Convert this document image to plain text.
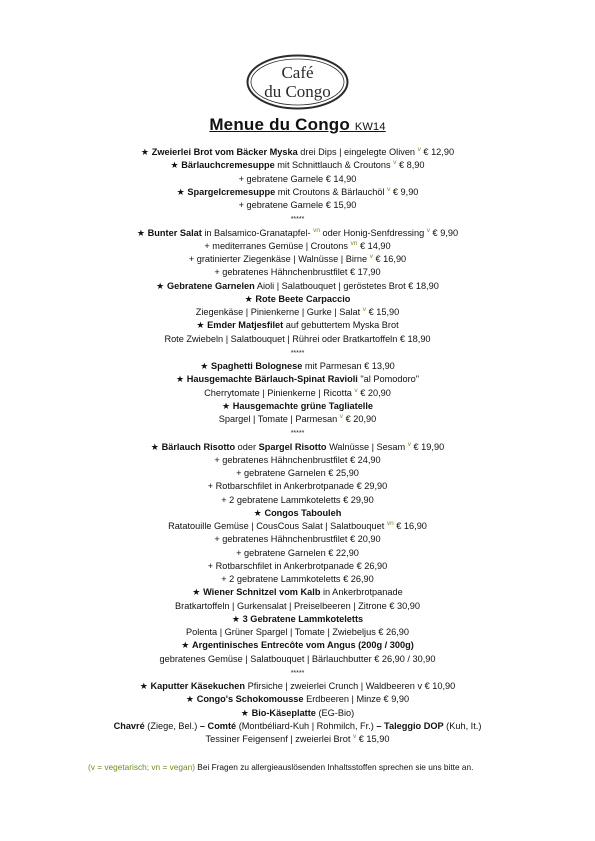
Café
du Congo
Menue du Congo KW14
★ Zweierlei Brot vom Bäcker Myska drei Dips | eingelegte Oliven $^v$ € 12,90
★ Bärlauchcremesuppe mit Schnittlauch & Croutons $^v$ € 8,90
+ gebratene Garnele € 14,90
★ Spargelcremesuppe mit Croutons & Bärlauchöl $^v$ € 9,90
+ gebratene Garnele € 15,90
*****
★ Bunter Salat in Balsamico-Granatapfel- $^{vn}$ oder Honig-Senfdressing $^v$ € 9,90
+ mediterranes Gemüse | Croutons $^{vn}$ € 14,90
+ gratinierter Ziegenkäse | Walnüsse | Birne $^v$ € 16,90
+ gebratenes Hähnchenbrustfilet € 17,90
★ Gebratene Garnelen Aioli | Salatbouquet | geröstetes Brot € 18,90
★ Rote Beete Carpaccio
Ziegenkäse | Pinienkerne | Gurke | Salat $^v$ € 15,90
★ Emder Matjesfilet auf gebuttertem Myska Brot
Rote Zwiebeln | Salatbouquet | Rührei oder Bratkartoffeln € 18,90
*****
★ Spaghetti Bolognese mit Parmesan € 13,90
★ Hausgemachte Bärlauch-Spinat Ravioli "al Pomodoro"
Cherrytomate | Pinienkerne | Ricotta $^v$ € 20,90
★ Hausgemachte grüne Tagliatelle
Spargel | Tomate | Parmesan $^v$ € 20,90
*****
★ Bärlauch Risotto oder Spargel Risotto Walnüsse | Sesam $^v$ € 19,90
+ gebratenes Hähnchenbrustfilet € 24,90
+ gebratene Garnelen € 25,90
+ Rotbarschfilet in Ankerbrotpanade € 29,90
+ 2 gebratene Lammkoteletts € 29,90
★ Congos Tabouleh
Ratatouille Gemüse | CousCous Salat | Salatbouquet $^{vn}$ € 16,90
+ gebratenes Hähnchenbrustfilet € 20,90
+ gebratene Garnelen € 22,90
+ Rotbarschfilet in Ankerbrotpanade € 26,90
+ 2 gebratene Lammkoteletts € 26,90
★ Wiener Schnitzel vom Kalb in Ankerbrotpanade
Bratkartoffeln | Gurkensalat | Preiselbeeren | Zitrone € 30,90
★ 3 Gebratene Lammkoteletts
Polenta | Grüner Spargel | Tomate | Zwiebeljus € 26,90
★ Argentinisches Entrecôte vom Angus (200g / 300g)
gebratenes Gemüse | Salatbouquet | Bärlauchbutter € 26,90 / 30,90
*****
★ Kaputter Käsekuchen Pfirsiche | zweierlei Crunch | Waldbeeren v € 10,90
★ Congo's Schokomousse Erdbeeren | Minze € 9,90
★ Bio-Käseplatte (EG-Bio)
Chavré (Ziege, Bel.) – Comté (Montbéliard-Kuh | Rohmilch, Fr.) – Taleggio DOP (Kuh, It.)
Tessiner Feigensenf | zweierlei Brot $^v$ € 15,90
(v = vegetarisch; vn = vegan) Bei Fragen zu allergieauslösenden Inhaltsstoffen sprechen sie uns bitte an.
